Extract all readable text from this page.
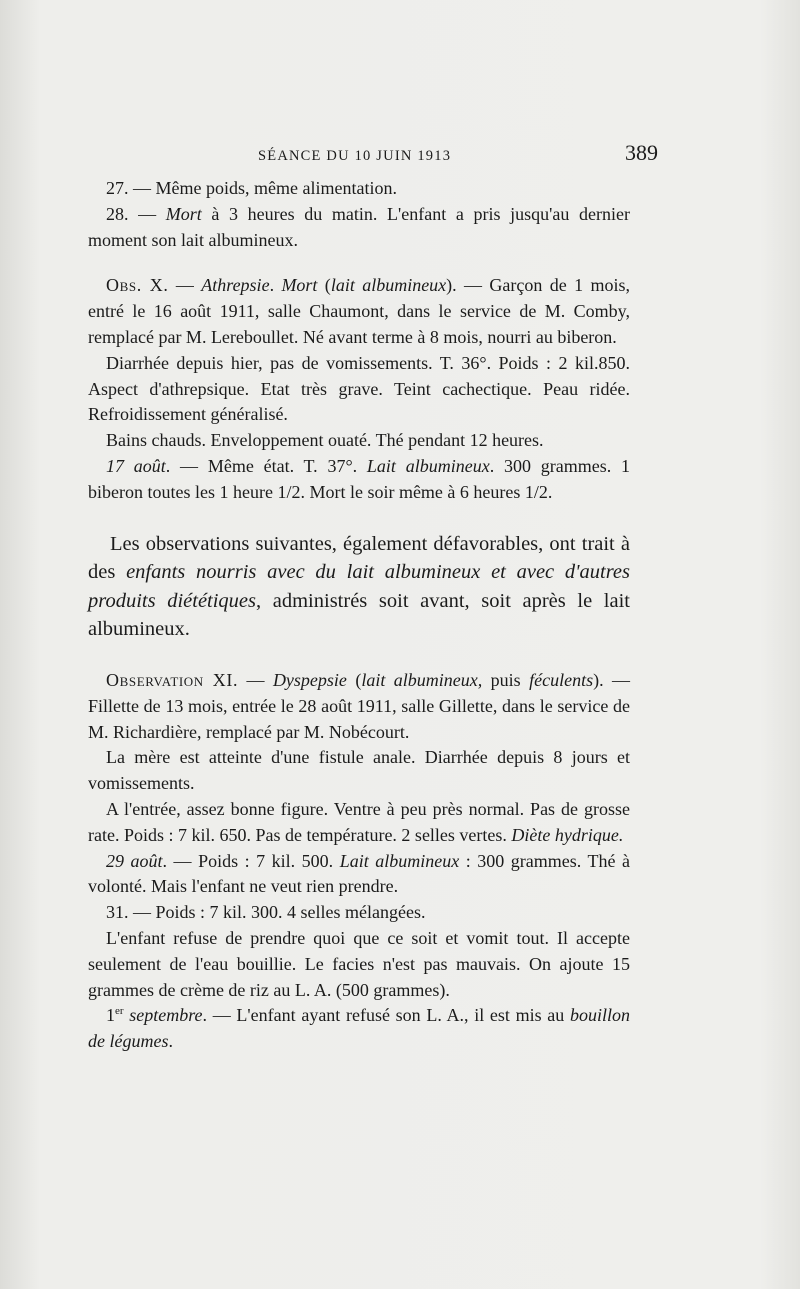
SÉANCE DU 10 JUIN 1913	389

27. — Même poids, même alimentation.

28. — Mort à 3 heures du matin. L'enfant a pris jusqu'au dernier moment son lait albumineux.

Obs. X. — Athrepsie. Mort (lait albumineux). — Garçon de 1 mois, entré le 16 août 1911, salle Chaumont, dans le service de M. Comby, remplacé par M. Lereboullet. Né avant terme à 8 mois, nourri au biberon.

Diarrhée depuis hier, pas de vomissements. T. 36°. Poids : 2 kil.850. Aspect d'athrepsique. Etat très grave. Teint cachectique. Peau ridée. Refroidissement généralisé.

Bains chauds. Enveloppement ouaté. Thé pendant 12 heures.

17 août. — Même état. T. 37°. Lait albumineux. 300 grammes. 1 biberon toutes les 1 heure 1/2. Mort le soir même à 6 heures 1/2.

Les observations suivantes, également défavorables, ont trait à des enfants nourris avec du lait albumineux et avec d'autres produits diététiques, administrés soit avant, soit après le lait albumineux.

Observation XI. — Dyspepsie (lait albumineux, puis féculents). — Fillette de 13 mois, entrée le 28 août 1911, salle Gillette, dans le service de M. Richardière, remplacé par M. Nobécourt.

La mère est atteinte d'une fistule anale. Diarrhée depuis 8 jours et vomissements.

A l'entrée, assez bonne figure. Ventre à peu près normal. Pas de grosse rate. Poids : 7 kil. 650. Pas de température. 2 selles vertes. Diète hydrique.

29 août. — Poids : 7 kil. 500. Lait albumineux : 300 grammes. Thé à volonté. Mais l'enfant ne veut rien prendre.

31. — Poids : 7 kil. 300. 4 selles mélangées.

L'enfant refuse de prendre quoi que ce soit et vomit tout. Il accepte seulement de l'eau bouillie. Le facies n'est pas mauvais. On ajoute 15 grammes de crème de riz au L. A. (500 grammes).

1er septembre. — L'enfant ayant refusé son L. A., il est mis au bouillon de légumes.
